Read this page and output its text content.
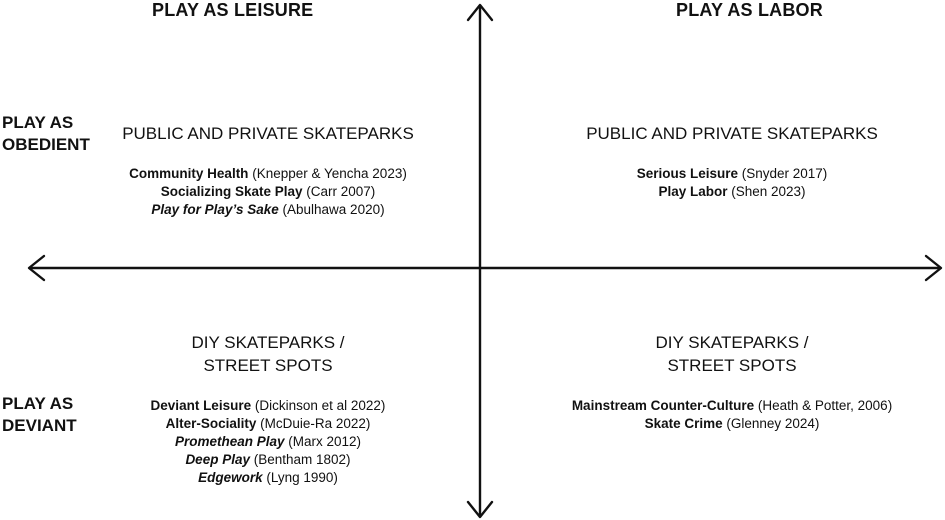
PLAY AS LEISURE	PLAY AS LABOR
PLAY AS
OBEDIENT
PLAY AS
DEVIANT
PUBLIC AND PRIVATE SKATEPARKS
Community Health (Knepper & Yencha 2023)
Socializing Skate Play (Carr 2007)
Play for Play’s Sake (Abulhawa 2020)
PUBLIC AND PRIVATE SKATEPARKS
Serious Leisure (Snyder 2017)
Play Labor (Shen 2023)
DIY SKATEPARKS /
STREET SPOTS
Deviant Leisure (Dickinson et al 2022)
Alter-Sociality (McDuie-Ra 2022)
Promethean Play (Marx 2012)
Deep Play (Bentham 1802)
Edgework (Lyng 1990)
DIY SKATEPARKS /
STREET SPOTS
Mainstream Counter-Culture (Heath & Potter, 2006)
Skate Crime (Glenney 2024)
